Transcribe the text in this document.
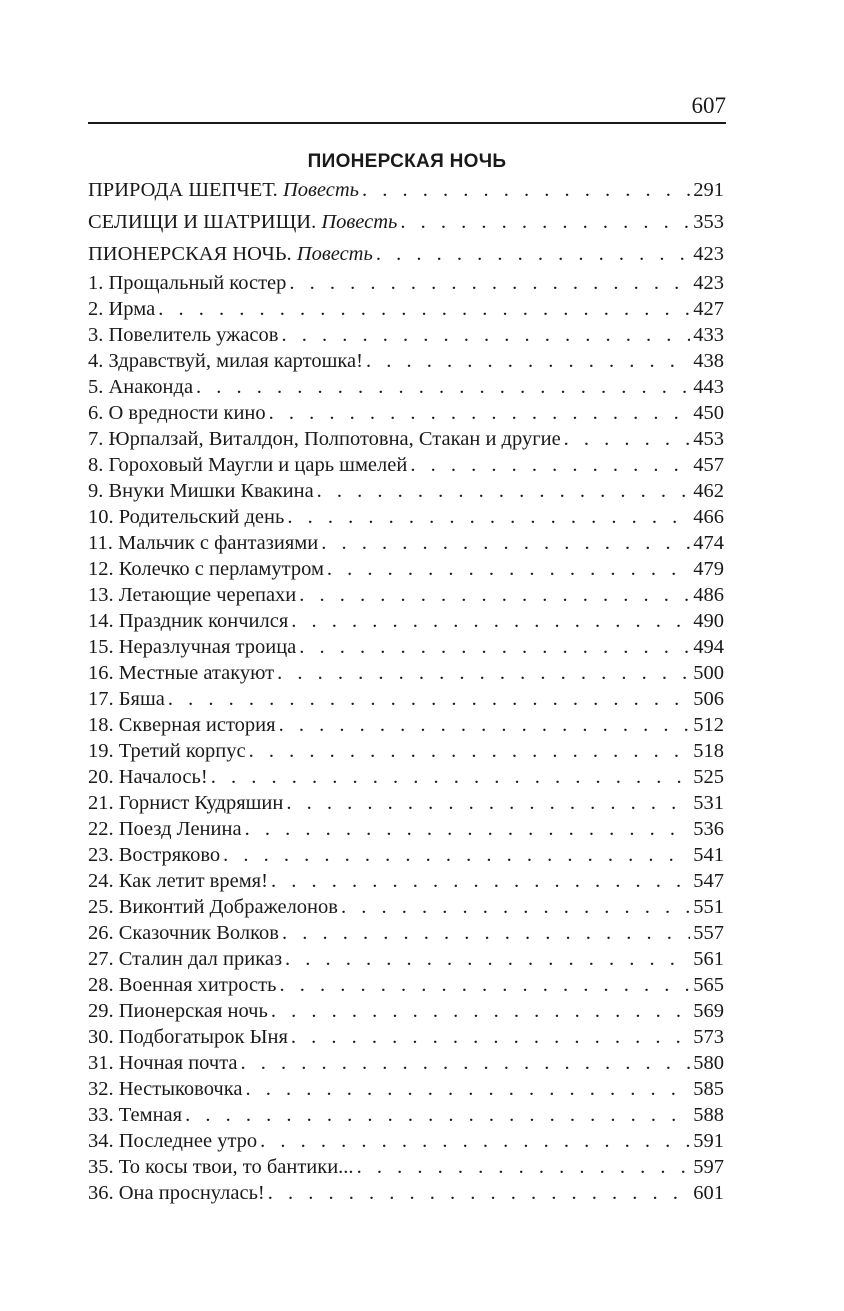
607
ПИОНЕРСКАЯ НОЧЬ
ПРИРОДА ШЕПЧЕТ. Повесть . . .	291
СЕЛИЩИ И ШАТРИЩИ. Повесть . . .	353
ПИОНЕРСКАЯ НОЧЬ. Повесть . . .	423
1. Прощальный костер . . .	423
2. Ирма . . .	427
3. Повелитель ужасов . . .	433
4. Здравствуй, милая картошка! . . .	438
5. Анаконда . . .	443
6. О вредности кино . . .	450
7. Юрпалзай, Виталдон, Полпотовна, Стакан и другие . . .	453
8. Гороховый Маугли и царь шмелей . . .	457
9. Внуки Мишки Квакина . . .	462
10. Родительский день . . .	466
11. Мальчик с фантазиями . . .	474
12. Колечко с перламутром . . .	479
13. Летающие черепахи . . .	486
14. Праздник кончился . . .	490
15. Неразлучная троица . . .	494
16. Местные атакуют . . .	500
17. Бяша . . .	506
18. Скверная история . . .	512
19. Третий корпус . . .	518
20. Началось! . . .	525
21. Горнист Кудряшин . . .	531
22. Поезд Ленина . . .	536
23. Востряково . . .	541
24. Как летит время! . . .	547
25. Виконтий Дображелонов . . .	551
26. Сказочник Волков . . .	557
27. Сталин дал приказ . . .	561
28. Военная хитрость . . .	565
29. Пионерская ночь . . .	569
30. Подбогатырок Ыня . . .	573
31. Ночная почта . . .	580
32. Нестыковочка . . .	585
33. Темная . . .	588
34. Последнее утро . . .	591
35. То косы твои, то бантики... . . .	597
36. Она проснулась! . . .	601
